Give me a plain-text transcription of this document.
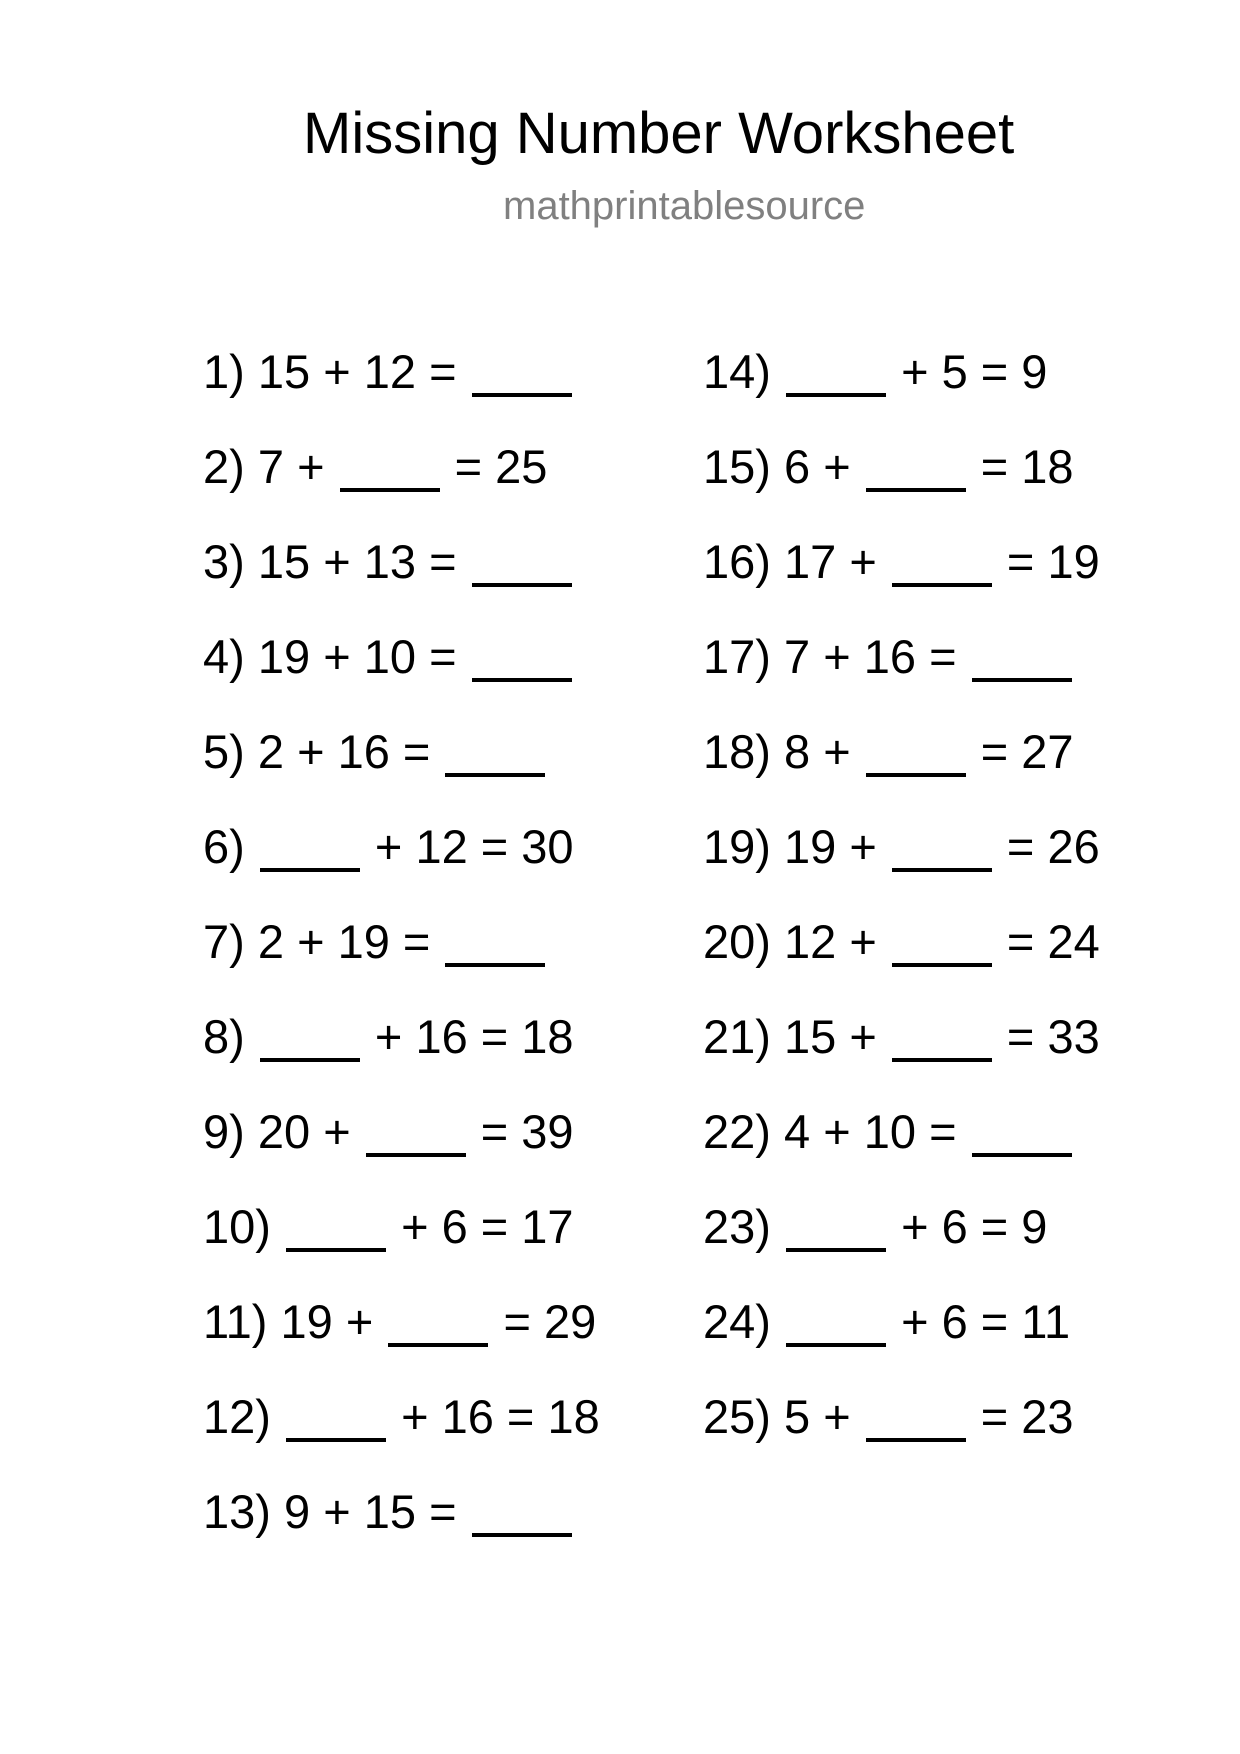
Missing Number Worksheet
mathprintablesource
1) 15 + 12 =
2) 7 +	= 25
3) 15 + 13 =
4) 19 + 10 =
5) 2 + 16 =
6)	+ 12 = 30
7) 2 + 19 =
8)	+ 16 = 18
9) 20 +	= 39
10)	+ 6 = 17
11) 19 +	= 29
12)	+ 16 = 18
13) 9 + 15 =
14)	+ 5 = 9
15) 6 +	= 18
16) 17 +	= 19
17) 7 + 16 =
18) 8 +	= 27
19) 19 +	= 26
20) 12 +	= 24
21) 15 +	= 33
22) 4 + 10 =
23)	+ 6 = 9
24)	+ 6 = 11
25) 5 +	= 23
